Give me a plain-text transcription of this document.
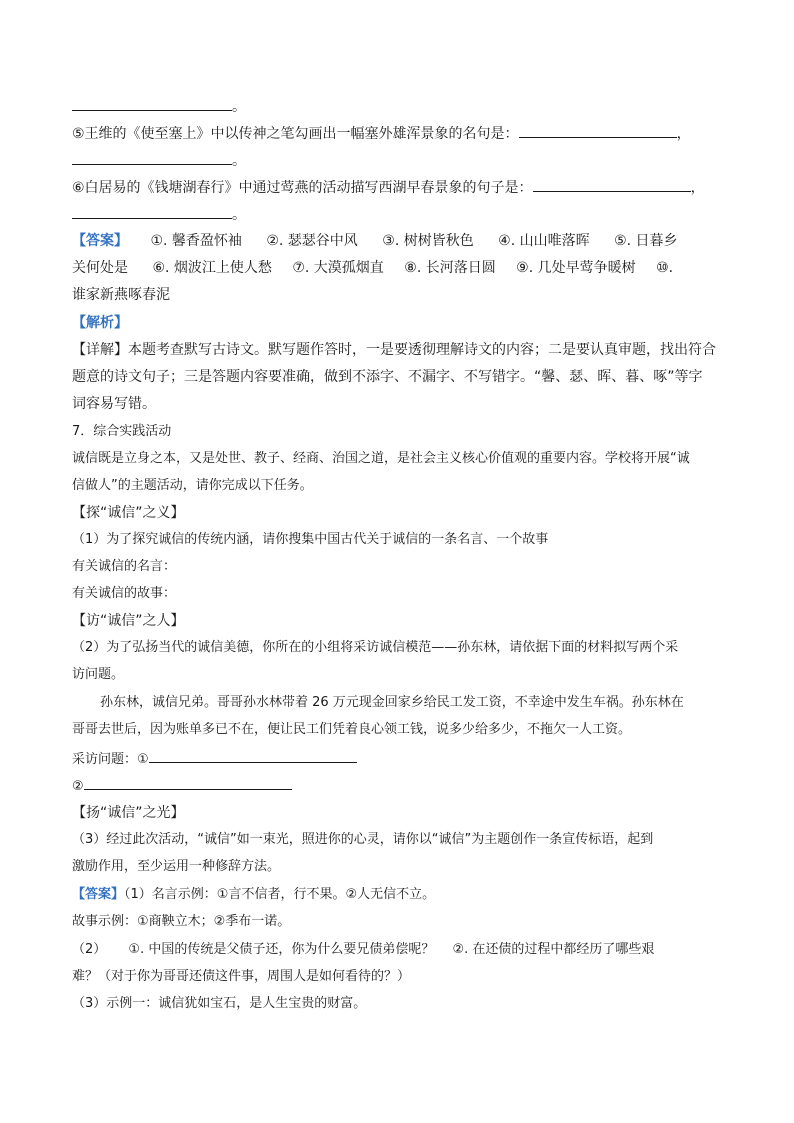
。
⑤王维的《使至塞上》中以传神之笔勾画出一幅塞外雄浑景象的名句是：	，
。
⑥白居易的《钱塘湖春行》中通过莺燕的活动描写西湖早春景象的句子是：	，
。
【答案】 ①. 馨香盈怀袖 ②. 瑟瑟谷中风 ③. 树树皆秋色 ④. 山山唯落晖 ⑤. 日暮乡
关何处是 ⑥. 烟波江上使人愁 ⑦. 大漠孤烟直 ⑧. 长河落日圆 ⑨. 几处早莺争暖树 ⑩.
谁家新燕啄春泥
【解析】
【详解】本题考查默写古诗文。默写题作答时，一是要透彻理解诗文的内容；二是要认真审题，找出符合
题意的诗文句子；三是答题内容要准确，做到不添字、不漏字、不写错字。“馨、瑟、晖、暮、啄”等字
词容易写错。
7．综合实践活动
诚信既是立身之本，又是处世、教子、经商、治国之道，是社会主义核心价值观的重要内容。学校将开展“诚
信做人”的主题活动，请你完成以下任务。
【探“诚信”之义】
（1）为了探究诚信的传统内涵，请你搜集中国古代关于诚信的一条名言、一个故事
有关诚信的名言：
有关诚信的故事：
【访“诚信”之人】
（2）为了弘扬当代的诚信美德，你所在的小组将采访诚信模范——孙东林，请依据下面的材料拟写两个采
访问题。
孙东林，诚信兄弟。哥哥孙水林带着 26 万元现金回家乡给民工发工资，不幸途中发生车祸。孙东林在
哥哥去世后，因为账单多已不在，便让民工们凭着良心领工钱，说多少给多少，不拖欠一人工资。
采访问题：①
②
【扬“诚信”之光】
（3）经过此次活动，“诚信”如一束光，照进你的心灵，请你以“诚信”为主题创作一条宣传标语，起到
激励作用，至少运用一种修辞方法。
【答案】（1）名言示例：①言不信者，行不果。②人无信不立。
故事示例：①商鞅立木；②季布一诺。
（2） ①. 中国的传统是父债子还，你为什么要兄债弟偿呢？ ②. 在还债的过程中都经历了哪些艰
难？（对于你为哥哥还债这件事，周围人是如何看待的？）
（3）示例一：诚信犹如宝石，是人生宝贵的财富。
